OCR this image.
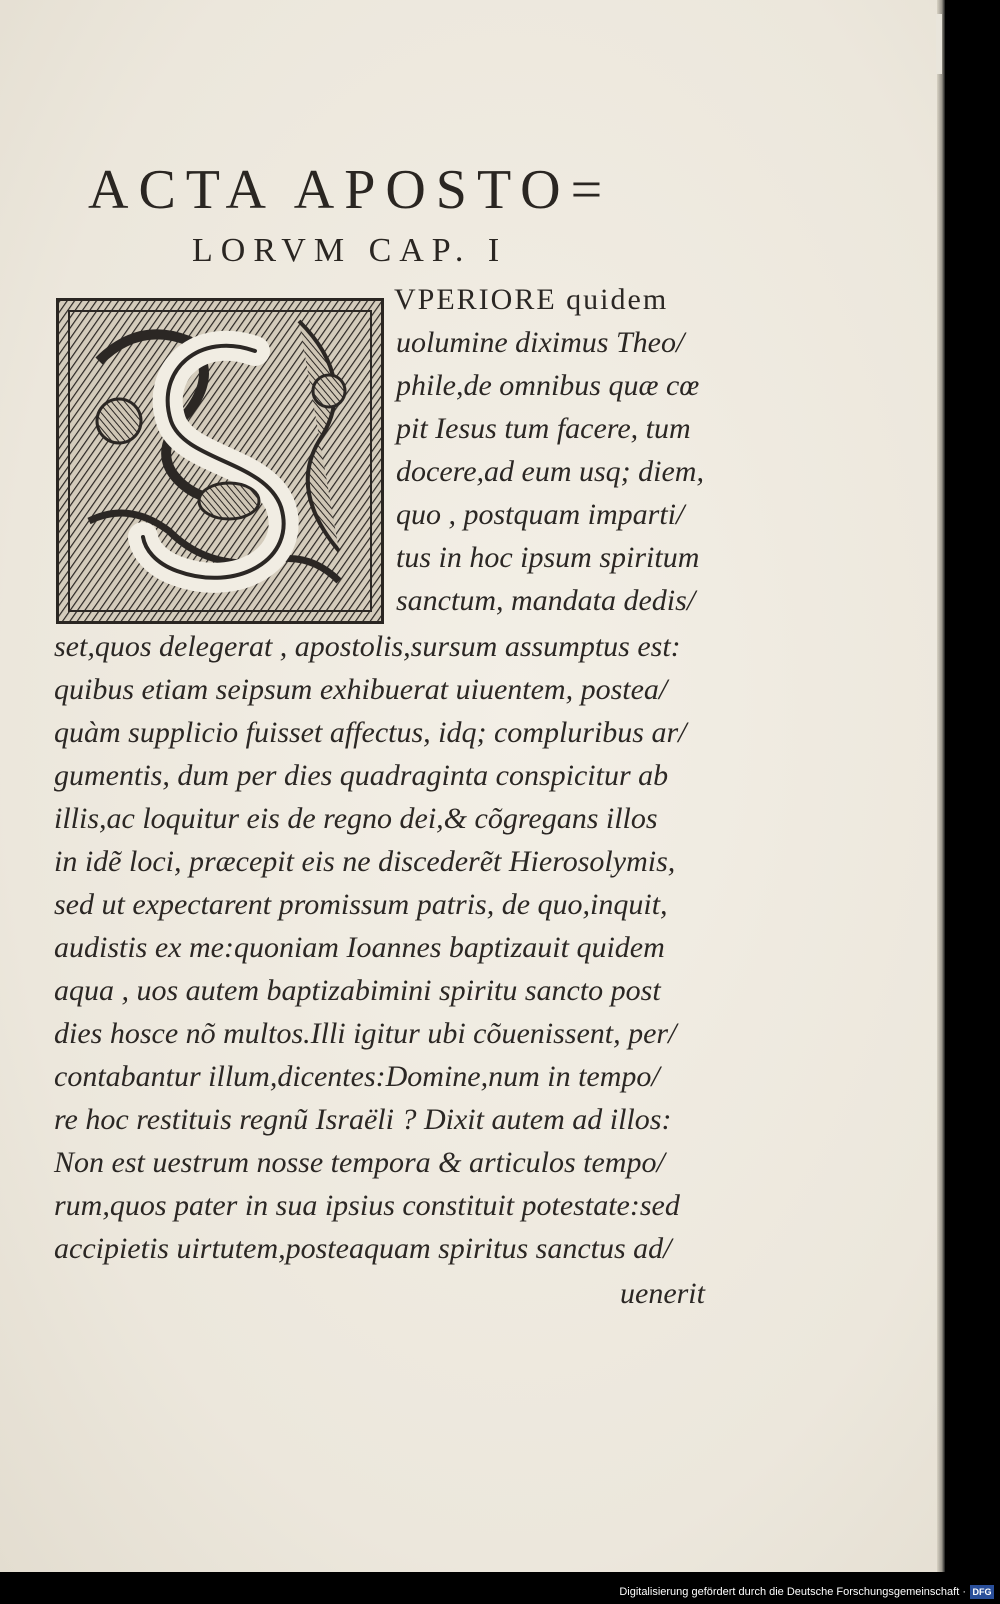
ACTA APOSTO=
LORVM CAP. I
VPERIORE quidem
uolumine diximus Theo/
phile,de omnibus quæ cœ
pit Iesus tum facere, tum
docere,ad eum usq; diem,
quo , postquam imparti/
tus in hoc ipsum spiritum
sanctum, mandata dedis/
set,quos delegerat , apostolis,sursum assumptus est:
quibus etiam seipsum exhibuerat uiuentem, postea/
quàm supplicio fuisset affectus, idq; compluribus ar/
gumentis, dum per dies quadraginta conspicitur ab
illis,ac loquitur eis de regno dei,& cõgregans illos
in idẽ loci, præcepit eis ne discederẽt Hierosolymis,
sed ut expectarent promissum patris, de quo,inquit,
audistis ex me:quoniam Ioannes baptizauit quidem
aqua , uos autem baptizabimini spiritu sancto post
dies hosce nõ multos.Illi igitur ubi cõuenissent, per/
contabantur illum,dicentes:Domine,num in tempo/
re hoc restituis regnũ Israëli ? Dixit autem ad illos:
Non est uestrum nosse tempora & articulos tempo/
rum,quos pater in sua ipsius constituit potestate:sed
accipietis uirtutem,posteaquam spiritus sanctus ad/
uenerit
Digitalisierung gefördert durch die Deutsche Forschungsgemeinschaft · DFG
